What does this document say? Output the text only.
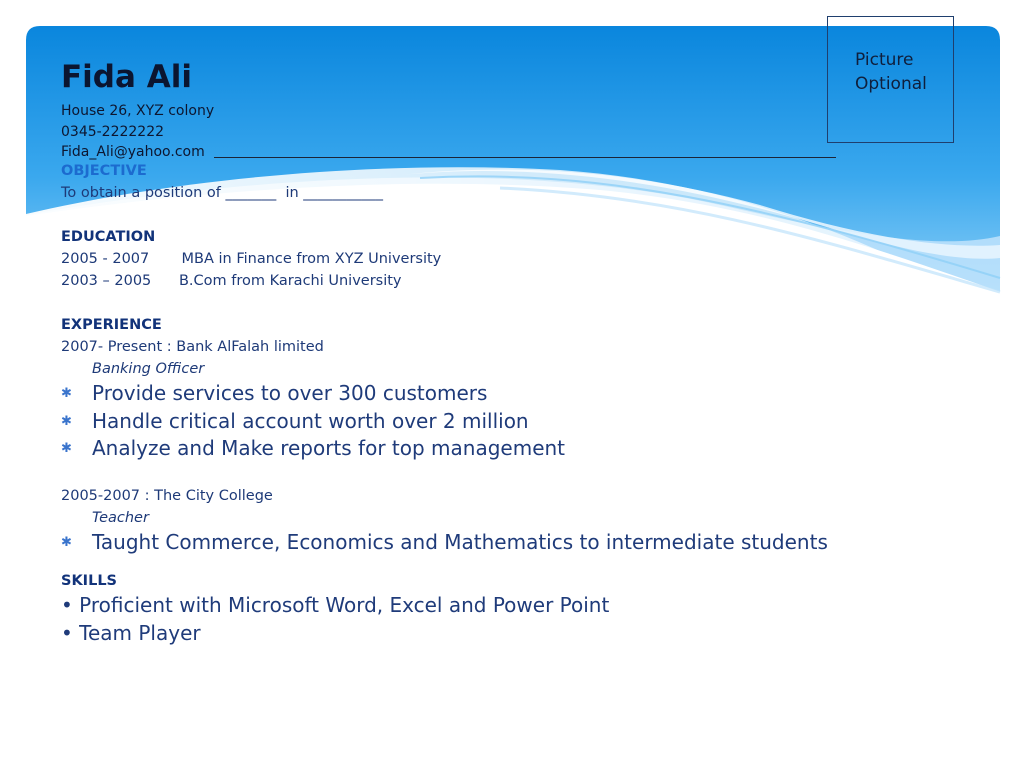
Picture
Optional
Fida Ali
House 26, XYZ colony
0345-2222222
Fida_Ali@yahoo.com
OBJECTIVE
To obtain a position of _______  in ___________
EDUCATION
2005 - 2007 MBA in Finance from XYZ University
2003 – 2005 B.Com from Karachi University
EXPERIENCE
2007- Present : Bank AlFalah limited
Banking Officer
✱ Provide services to over 300 customers
✱ Handle critical account worth over 2 million
✱ Analyze and Make reports for top management
2005-2007 : The City College
Teacher
✱ Taught Commerce, Economics and Mathematics to intermediate students
SKILLS
• Proficient with Microsoft Word, Excel and Power Point
• Team Player
